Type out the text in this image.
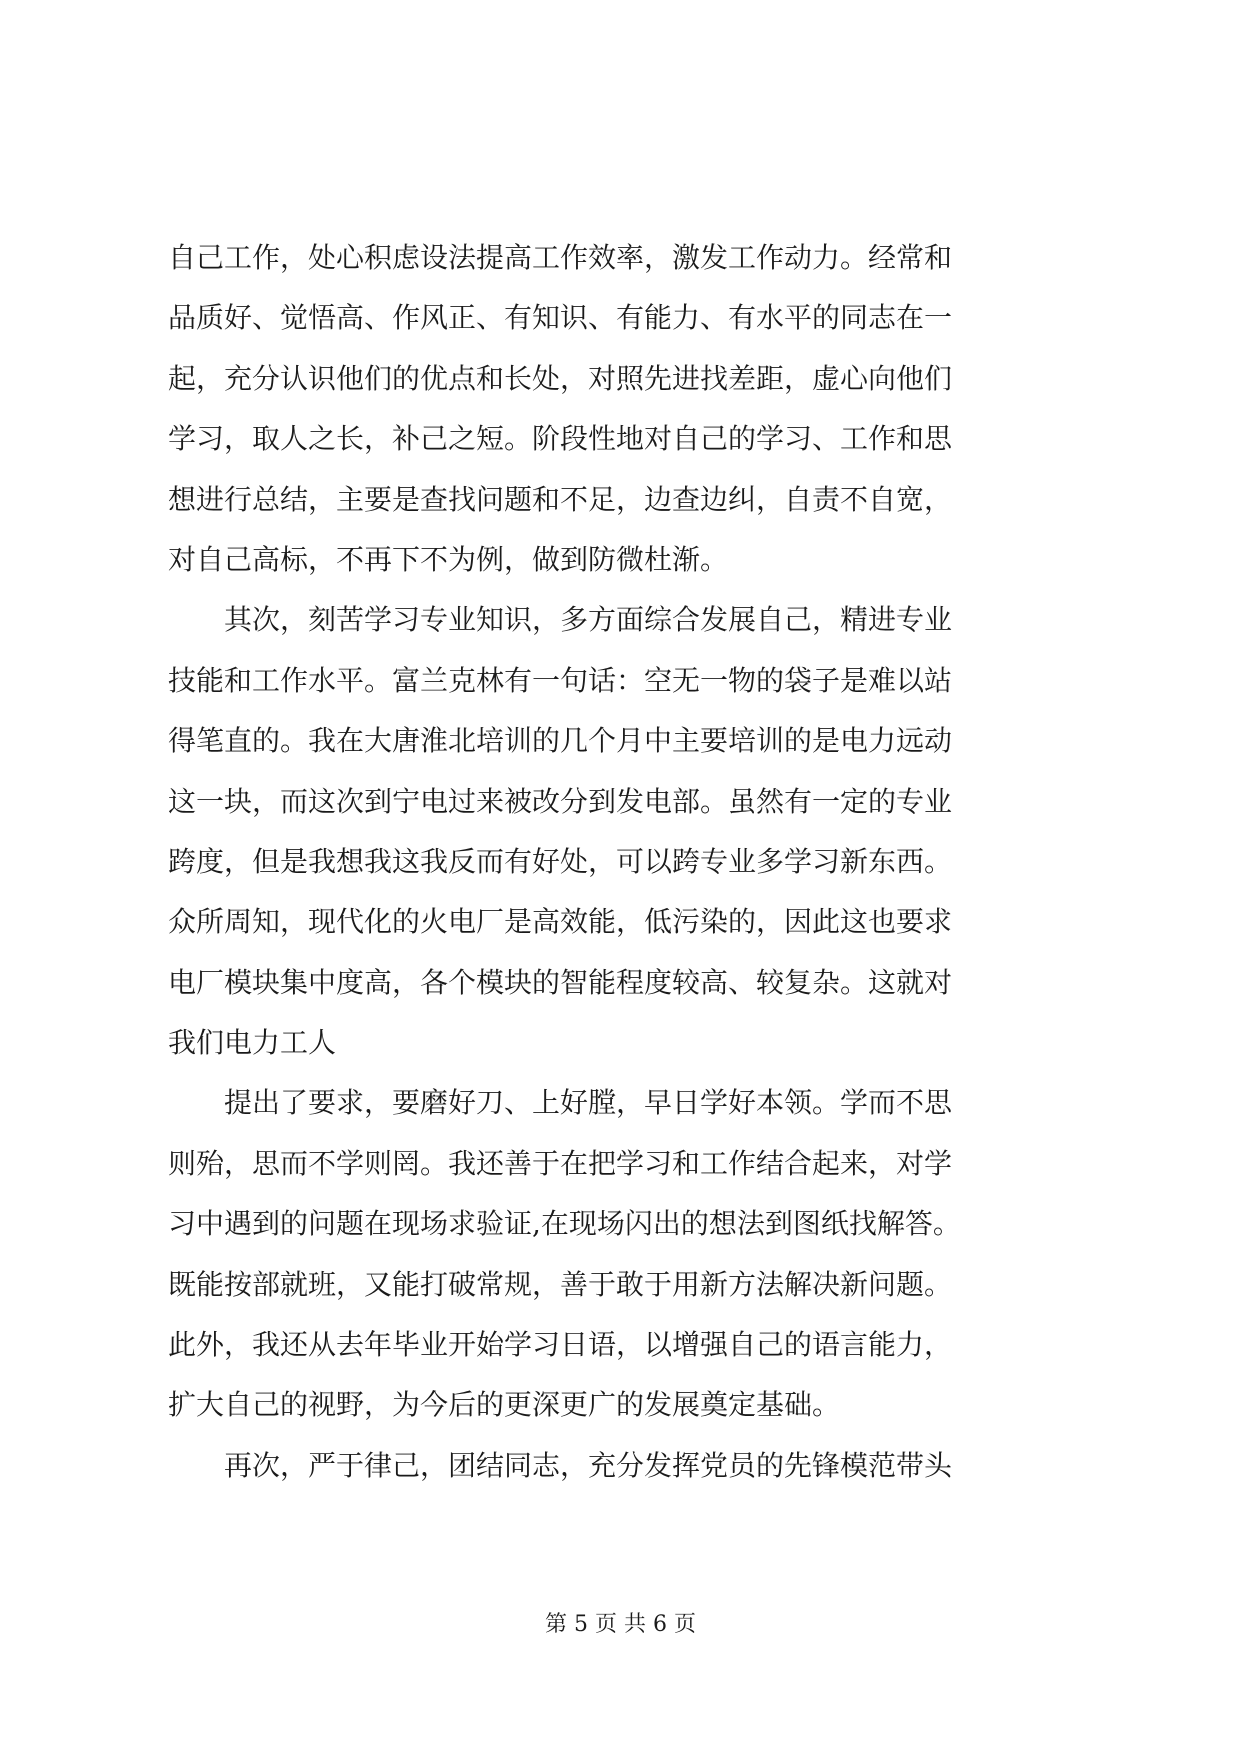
自己工作，处心积虑设法提高工作效率，激发工作动力。经常和
品质好、觉悟高、作风正、有知识、有能力、有水平的同志在一
起，充分认识他们的优点和长处，对照先进找差距，虚心向他们
学习，取人之长，补己之短。阶段性地对自己的学习、工作和思
想进行总结，主要是查找问题和不足，边查边纠，自责不自宽，
对自己高标，不再下不为例，做到防微杜渐。
　　其次，刻苦学习专业知识，多方面综合发展自己，精进专业
技能和工作水平。富兰克林有一句话：空无一物的袋子是难以站
得笔直的。我在大唐淮北培训的几个月中主要培训的是电力远动
这一块，而这次到宁电过来被改分到发电部。虽然有一定的专业
跨度，但是我想我这我反而有好处，可以跨专业多学习新东西。
众所周知，现代化的火电厂是高效能，低污染的，因此这也要求
电厂模块集中度高，各个模块的智能程度较高、较复杂。这就对
我们电力工人
　　提出了要求，要磨好刀、上好膛，早日学好本领。学而不思
则殆，思而不学则罔。我还善于在把学习和工作结合起来，对学
习中遇到的问题在现场求验证,在现场闪出的想法到图纸找解答。
既能按部就班，又能打破常规，善于敢于用新方法解决新问题。
此外，我还从去年毕业开始学习日语，以增强自己的语言能力，
扩大自己的视野，为今后的更深更广的发展奠定基础。
　　再次，严于律己，团结同志，充分发挥党员的先锋模范带头
第 5 页 共 6 页
